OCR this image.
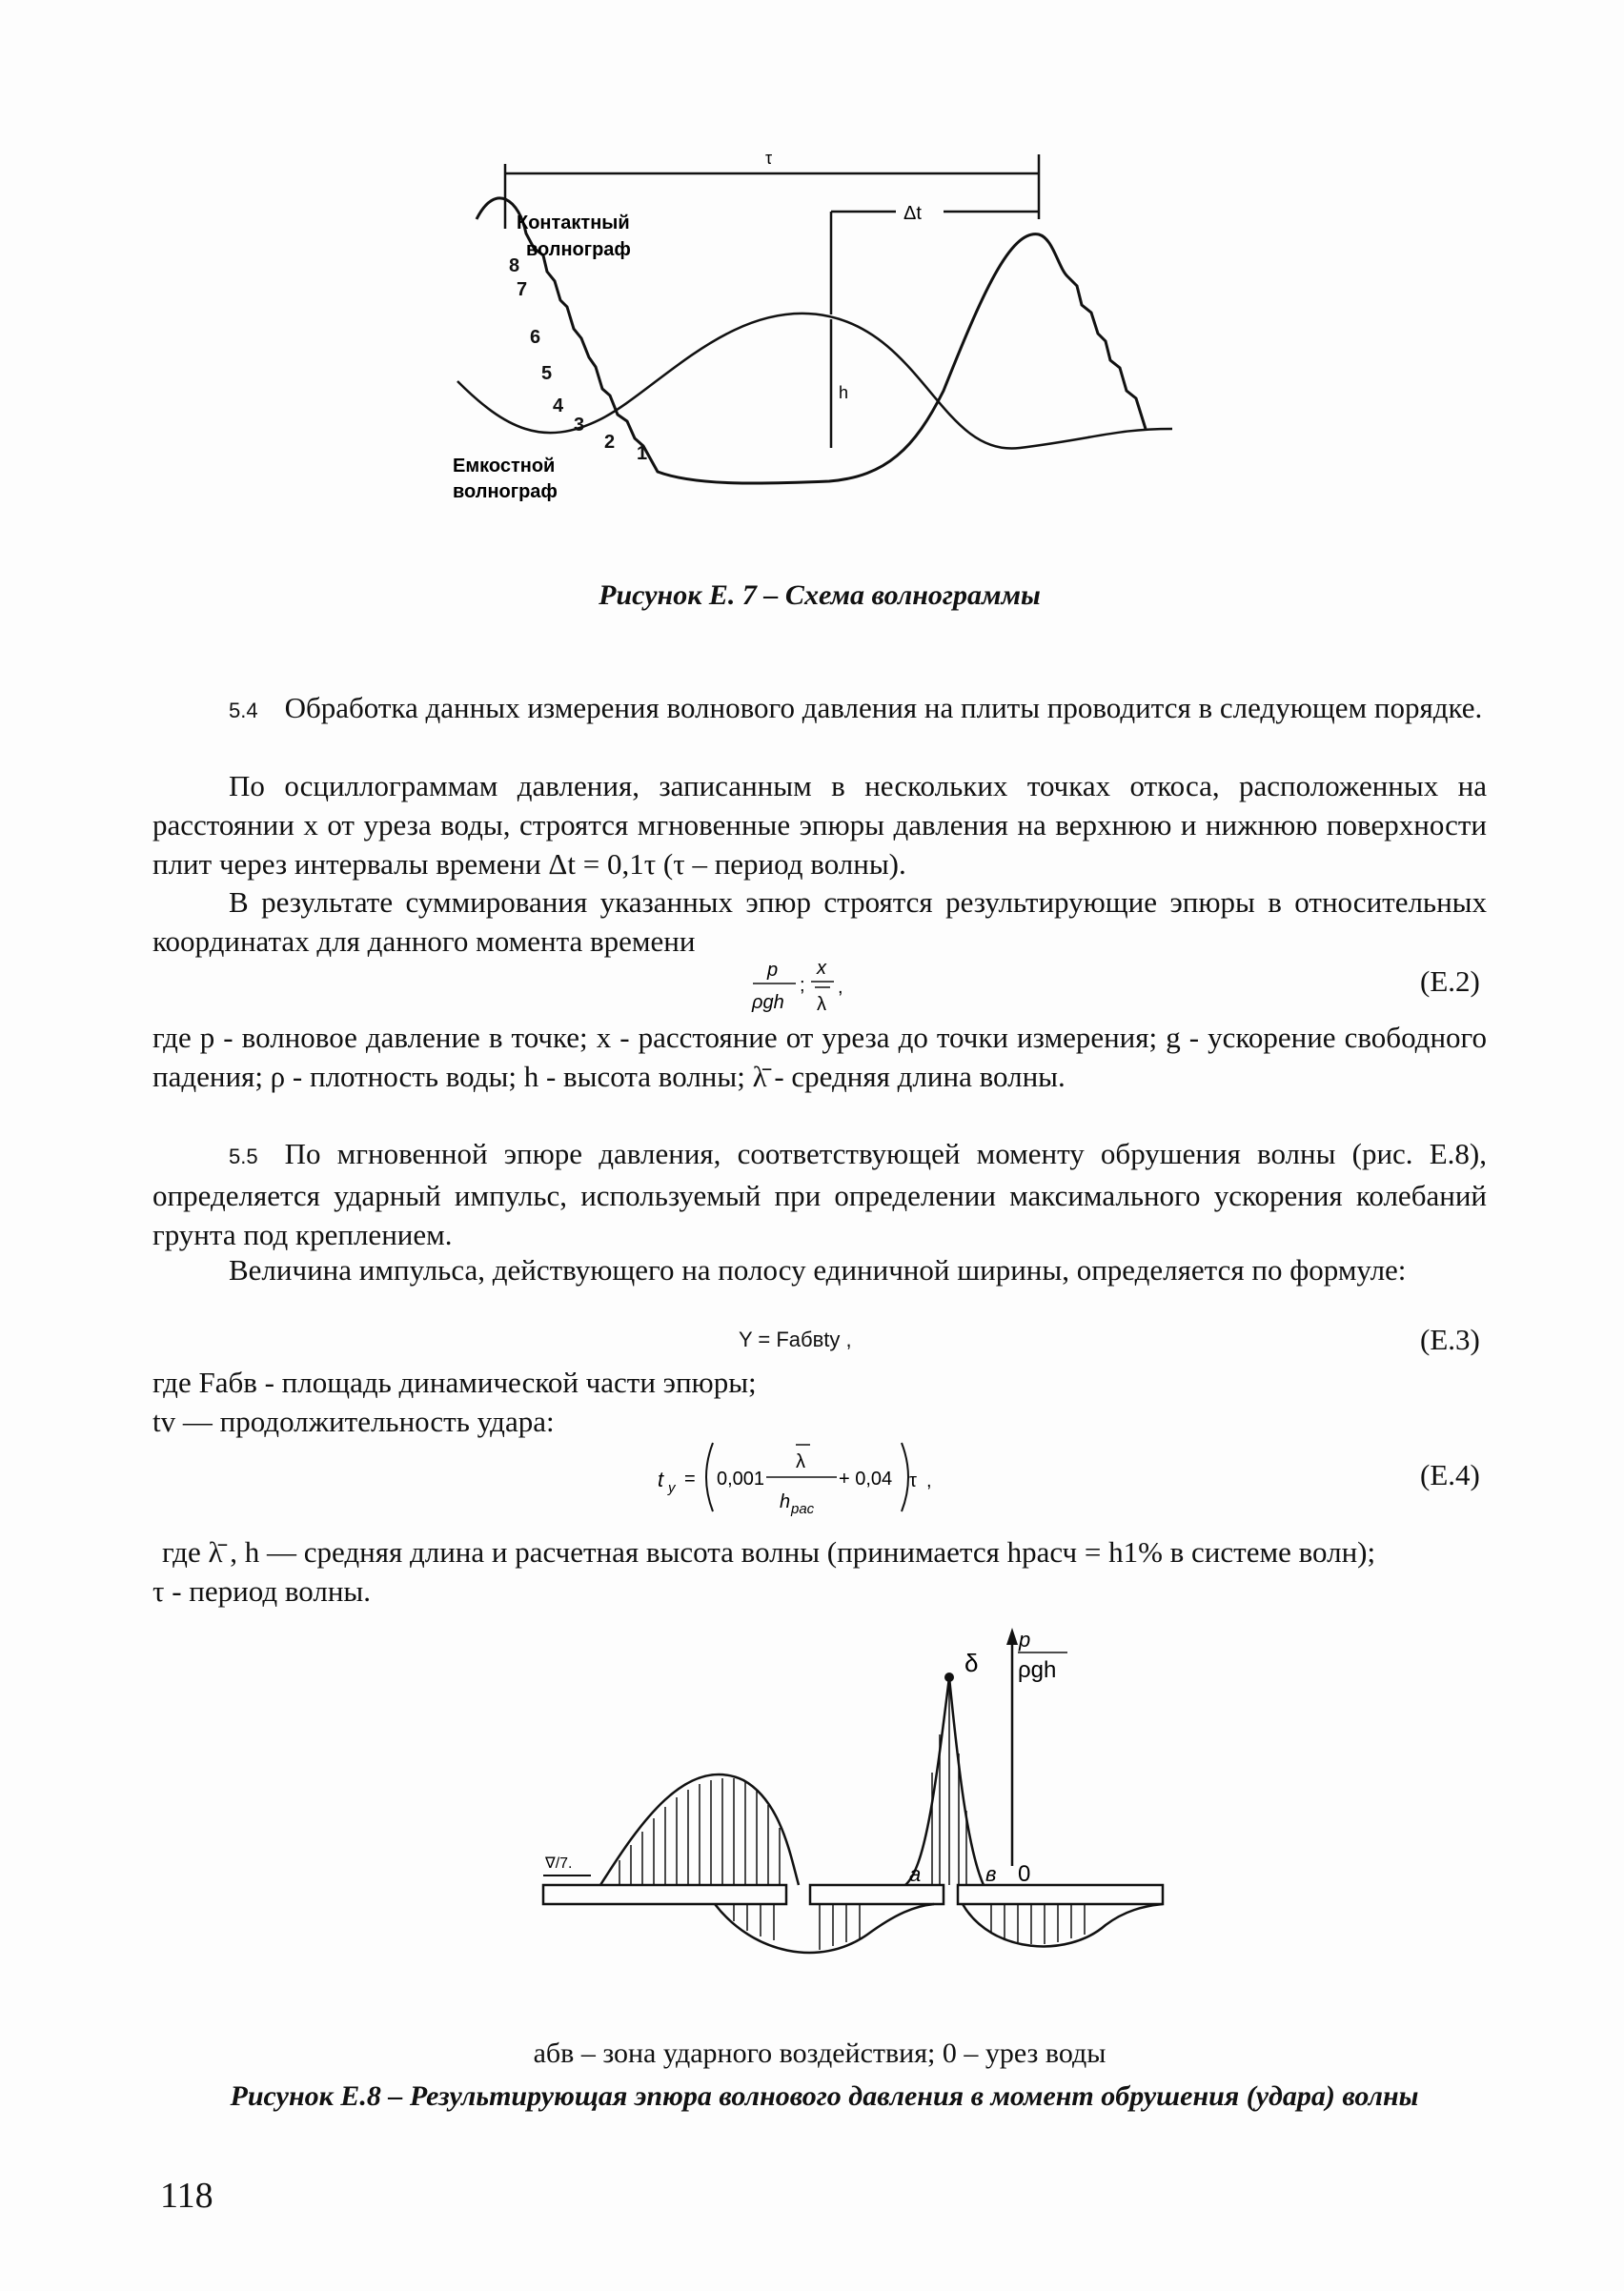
τ
Δt
h
1
2
3
4
5
6
7
8
Контактный
волнограф
Емкостной
волнограф
Рисунок Е. 7 – Схема волнограммы
5.4 Обработка данных измерения волнового давления на плиты проводится в следующем порядке.
По осциллограммам давления, записанным в нескольких точках откоса, расположенных на расстоянии x от уреза воды, строятся мгновенные эпюры давления на верхнюю и нижнюю поверхности плит через интервалы времени Δt = 0,1τ (τ – период волны).
В результате суммирования указанных эпюр строятся результирующие эпюры в относительных координатах для данного момента времени
p
ρgh
;
x
λ
,	(Е.2)
где p - волновое давление в точке; x - расстояние от уреза до точки измерения; g - ускорение свободного падения; ρ - плотность воды; h - высота волны; λ̄ - средняя длина волны.
5.5 По мгновенной эпюре давления, соответствующей моменту обрушения волны (рис. Е.8), определяется ударный импульс, используемый при определении максимального ускорения колебаний грунта под креплением.
Величина импульса, действующего на полосу единичной ширины, определяется по формуле:
Y = Fабвty ,	(Е.3)
где Fабв - площадь динамической части эпюры;
tv — продолжительность удара:
t y = 0,001
λ
h pac
+ 0,04 τ ,	(Е.4)
где λ̄ , h — средняя длина и расчетная высота волны (принимается hрасч = h1% в системе волн);
τ - период волны.
p
ρgh
δ
a	в 0
∇/7.
абв – зона ударного воздействия; 0 – урез воды
Рисунок Е.8 – Результирующая эпюра волнового давления в момент обрушения (удара) волны
118
